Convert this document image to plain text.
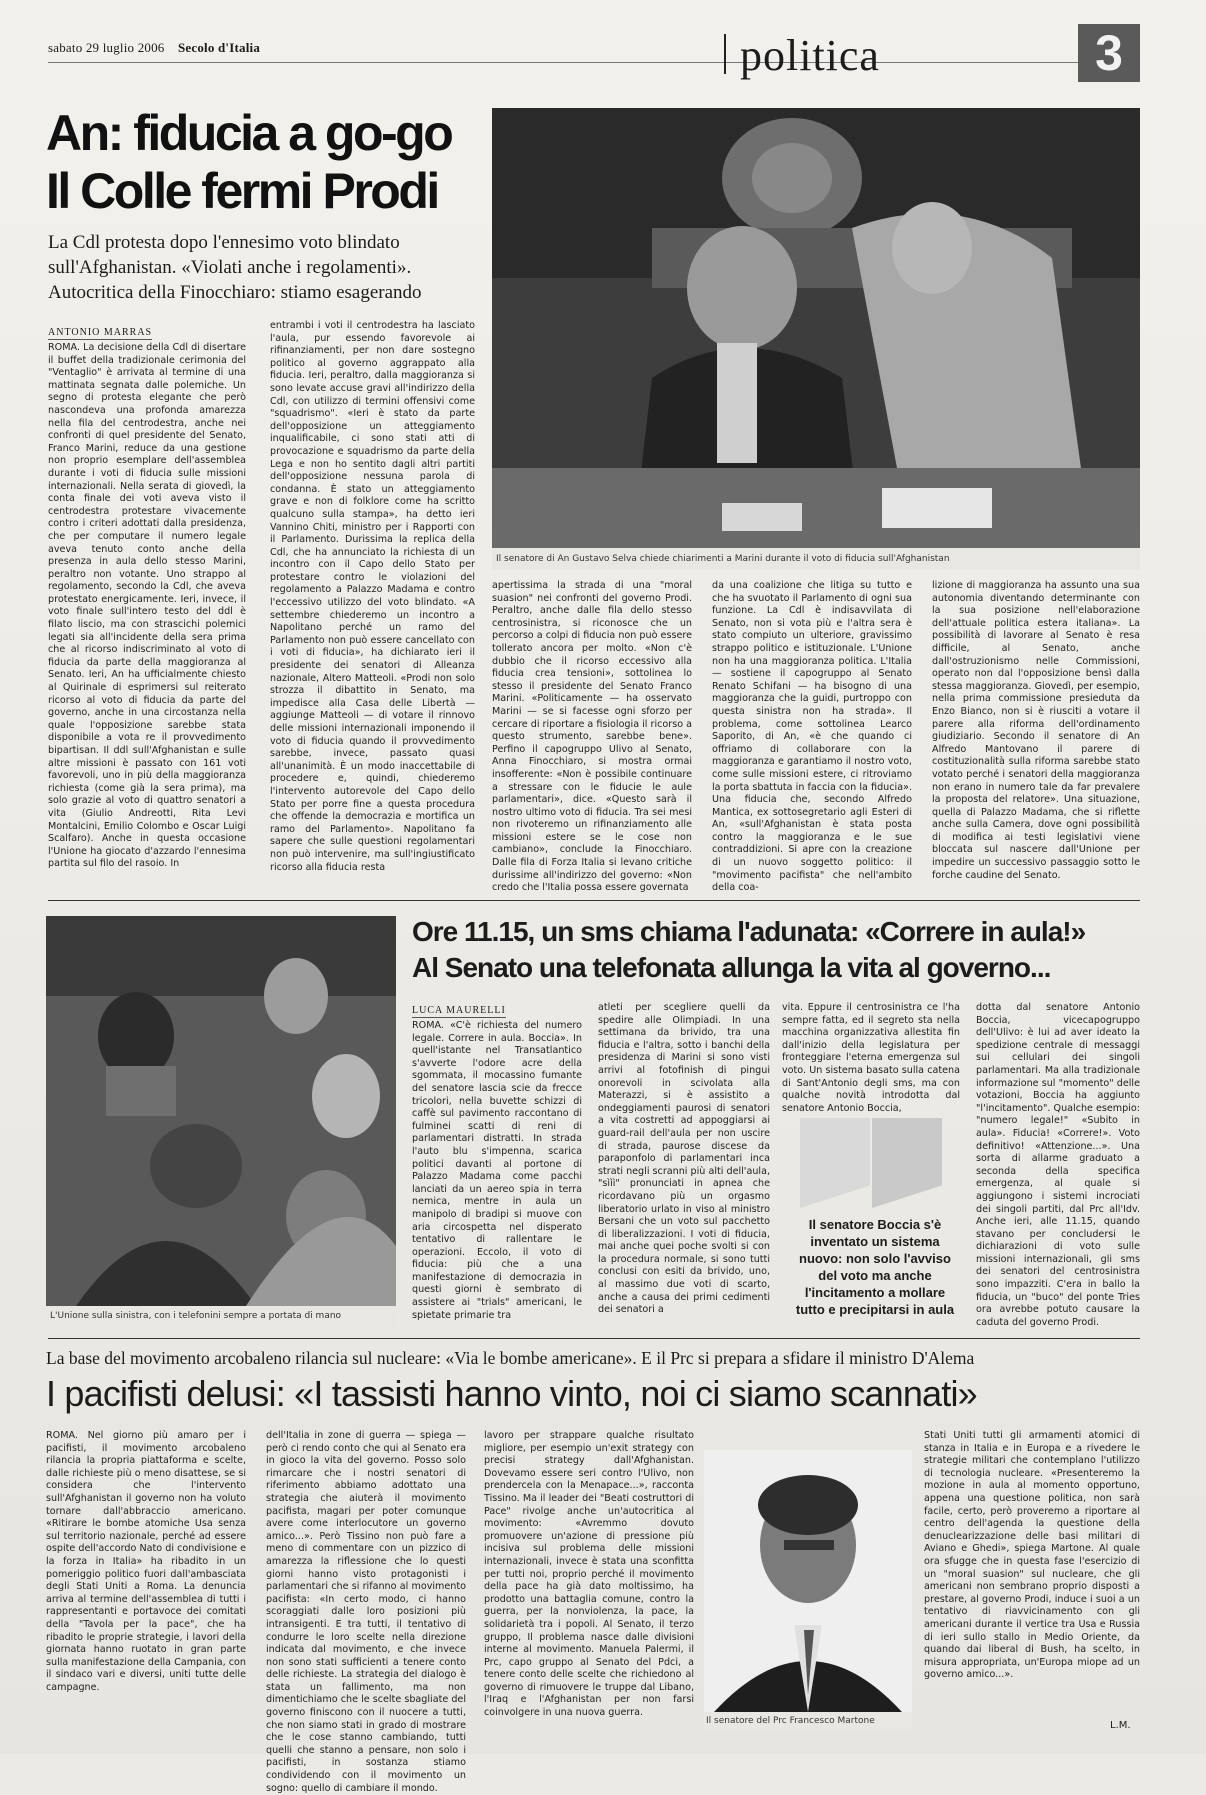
sabato 29 luglio 2006 Secolo d'Italia	politica	3
An: fiducia a go-go
Il Colle fermi Prodi
La Cdl protesta dopo l'ennesimo voto blindato
sull'Afghanistan. «Violati anche i regolamenti».
Autocritica della Finocchiaro: stiamo esagerando
ANTONIO MARRAS

ROMA. La decisione della Cdl di disertare il buffet della tradizionale cerimonia del "Ventaglio" è arrivata al termine di una mattinata segnata dalle polemiche. Un segno di protesta elegante che però nascondeva una profonda amarezza nella fila del centrodestra, anche nei confronti di quel presidente del Senato, Franco Marini, reduce da una gestione non proprio esemplare dell'assemblea durante i voti di fiducia sulle missioni internazionali. Nella serata di giovedì, la conta finale dei voti aveva visto il centrodestra protestare vivacemente contro i criteri adottati dalla presidenza, che per computare il numero legale aveva tenuto conto anche della presenza in aula dello stesso Marini, peraltro non votante. Uno strappo al regolamento, secondo la Cdl, che aveva protestato energicamente. Ieri, invece, il voto finale sull'intero testo del ddl è filato liscio, ma con strascichi polemici legati sia all'incidente della sera prima che al ricorso indiscriminato al voto di fiducia da parte della maggioranza al Senato. Ieri, An ha ufficialmente chiesto al Quirinale di esprimersi sul reiterato ricorso al voto di fiducia da parte del governo, anche in una circostanza nella quale l'opposizione sarebbe stata disponibile a vota re il provvedimento bipartisan. Il ddl sull'Afghanistan e sulle altre missioni è passato con 161 voti favorevoli, uno in più della maggioranza richiesta (come già la sera prima), ma solo grazie al voto di quattro senatori a vita (Giulio Andreotti, Rita Levi Montalcini, Emilio Colombo e Oscar Luigi Scalfaro). Anche in questa occasione l'Unione ha giocato d'azzardo l'ennesima partita sul filo del rasoio. In

entrambi i voti il centrodestra ha lasciato l'aula, pur essendo favorevole ai rifinanziamenti, per non dare sostegno politico al governo aggrappato alla fiducia. Ieri, peraltro, dalla maggioranza si sono levate accuse gravi all'indirizzo della Cdl, con utilizzo di termini offensivi come "squadrismo". «Ieri è stato da parte dell'opposizione un atteggiamento inqualificabile, ci sono stati atti di provocazione e squadrismo da parte della Lega e non ho sentito dagli altri partiti dell'opposizione nessuna parola di condanna. È stato un atteggiamento grave e non di folklore come ha scritto qualcuno sulla stampa», ha detto ieri Vannino Chiti, ministro per i Rapporti con il Parlamento. Durissima la replica della Cdl, che ha annunciato la richiesta di un incontro con il Capo dello Stato per protestare contro le violazioni del regolamento a Palazzo Madama e contro l'eccessivo utilizzo del voto blindato. «A settembre chiederemo un incontro a Napolitano perché un ramo del Parlamento non può essere cancellato con i voti di fiducia», ha dichiarato ieri il presidente dei senatori di Alleanza nazionale, Altero Matteoli. «Prodi non solo strozza il dibattito in Senato, ma impedisce alla Casa delle Libertà — aggiunge Matteoli — di votare il rinnovo delle missioni internazionali imponendo il voto di fiducia quando il provvedimento sarebbe, invece, passato quasi all'unanimità. È un modo inaccettabile di procedere e, quindi, chiederemo l'intervento autorevole del Capo dello Stato per porre fine a questa procedura che offende la democrazia e mortifica un ramo del Parlamento». Napolitano fa sapere che sulle questioni regolamentari non può intervenire, ma sull'ingiustificato ricorso alla fiducia resta

Il senatore di An Gustavo Selva chiede chiarimenti a Marini durante il voto di fiducia sull'Afghanistan

apertissima la strada di una "moral suasion" nei confronti del governo Prodi. Peraltro, anche dalle fila dello stesso centrosinistra, si riconosce che un percorso a colpi di fiducia non può essere tollerato ancora per molto. «Non c'è dubbio che il ricorso eccessivo alla fiducia crea tensioni», sottolinea lo stesso il presidente del Senato Franco Marini. «Politicamente — ha osservato Marini — se si facesse ogni sforzo per cercare di riportare a fisiologia il ricorso a questo strumento, sarebbe bene». Perfino il capogruppo Ulivo al Senato, Anna Finocchiaro, si mostra ormai insofferente: «Non è possibile continuare a stressare con le fiducie le aule parlamentari», dice. «Questo sarà il nostro ultimo voto di fiducia. Tra sei mesi non rivoteremo un rifinanziamento alle missioni estere se le cose non cambiano», conclude la Finocchiaro. Dalle fila di Forza Italia si levano critiche durissime all'indirizzo del governo: «Non credo che l'Italia possa essere governata

da una coalizione che litiga su tutto e che ha svuotato il Parlamento di ogni sua funzione. La Cdl è indisavvilata di Senato, non si vota più e l'altra sera è stato compiuto un ulteriore, gravissimo strappo politico e istituzionale. L'Unione non ha una maggioranza politica. L'Italia — sostiene il capogruppo al Senato Renato Schifani — ha bisogno di una maggioranza che la guidi, purtroppo con questa sinistra non ha strada». Il problema, come sottolinea Learco Saporito, di An, «è che quando ci offriamo di collaborare con la maggioranza e garantiamo il nostro voto, come sulle missioni estere, ci ritroviamo la porta sbattuta in faccia con la fiducia». Una fiducia che, secondo Alfredo Mantica, ex sottosegretario agli Esteri di An, «sull'Afghanistan è stata posta contro la maggioranza e le sue contraddizioni. Si apre con la creazione di un nuovo soggetto politico: il "movimento pacifista" che nell'ambito della coa-

lizione di maggioranza ha assunto una sua autonomia diventando determinante con la sua posizione nell'elaborazione dell'attuale politica estera italiana». La possibilità di lavorare al Senato è resa difficile, al Senato, anche dall'ostruzionismo nelle Commissioni, operato non dal l'opposizione bensì dalla stessa maggioranza. Giovedì, per esempio, nella prima commissione presieduta da Enzo Bianco, non si è riusciti a votare il parere alla riforma dell'ordinamento giudiziario. Secondo il senatore di An Alfredo Mantovano il parere di costituzionalità sulla riforma sarebbe stato votato perché i senatori della maggioranza non erano in numero tale da far prevalere la proposta del relatore». Una situazione, quella di Palazzo Madama, che si riflette anche sulla Camera, dove ogni possibilità di modifica ai testi legislativi viene bloccata sul nascere dall'Unione per impedire un successivo passaggio sotto le forche caudine del Senato.

L'Unione sulla sinistra, con i telefonini sempre a portata di mano
Ore 11.15, un sms chiama l'adunata: «Correre in aula!»
Al Senato una telefonata allunga la vita al governo...
LUCA MAURELLI

ROMA. «C'è richiesta del numero legale. Correre in aula. Boccia». In quell'istante nel Transatlantico s'avverte l'odore acre della sgommata, il mocassino fumante del senatore lascia scie da frecce tricolori, nella buvette schizzi di caffè sul pavimento raccontano di fulminei scatti di reni di parlamentari distratti. In strada l'auto blu s'impenna, scarica politici davanti al portone di Palazzo Madama come pacchi lanciati da un aereo spia in terra nemica, mentre in aula un manipolo di bradipi si muove con aria circospetta nel disperato tentativo di rallentare le operazioni. Eccolo, il voto di fiducia: più che a una manifestazione di democrazia in questi giorni è sembrato di assistere ai "trials" americani, le spietate primarie tra

atleti per scegliere quelli da spedire alle Olimpiadi. In una settimana da brivido, tra una fiducia e l'altra, sotto i banchi della presidenza di Marini si sono visti arrivi al fotofinish di pingui onorevoli in scivolata alla Materazzi, si è assistito a ondeggiamenti paurosi di senatori a vita costretti ad appoggiarsi ai guard-rail dell'aula per non uscire di strada, paurose discese da paraponfolo di parlamentari inca strati negli scranni più alti dell'aula, "sììì" pronunciati in apnea che ricordavano più un orgasmo liberatorio urlato in viso al ministro Bersani che un voto sul pacchetto di liberalizzazioni. I voti di fiducia, mai anche quei poche svolti si con la procedura normale, si sono tutti conclusi con esiti da brivido, uno, al massimo due voti di scarto, anche a causa dei primi cedimenti dei senatori a

vita. Eppure il centrosinistra ce l'ha sempre fatta, ed il segreto sta nella macchina organizzativa allestita fin dall'inizio della legislatura per fronteggiare l'eterna emergenza sul voto. Un sistema basato sulla catena di Sant'Antonio degli sms, ma con qualche novità introdotta dal senatore Antonio Boccia,

Il senatore Boccia s'è inventato un sistema nuovo: non solo l'avviso del voto ma anche l'incitamento a mollare tutto e precipitarsi in aula

dotta dal senatore Antonio Boccia, vicecapogruppo dell'Ulivo: è lui ad aver ideato la spedizione centrale di messaggi sui cellulari dei singoli parlamentari. Ma alla tradizionale informazione sul "momento" delle votazioni, Boccia ha aggiunto "l'incitamento". Qualche esempio: "numero legale!" «Subito in aula». Fiducia! «Correre!». Voto definitivo! «Attenzione...». Una sorta di allarme graduato a seconda della specifica emergenza, al quale si aggiungono i sistemi incrociati dei singoli partiti, dal Prc all'Idv. Anche ieri, alle 11.15, quando stavano per concludersi le dichiarazioni di voto sulle missioni internazionali, gli sms dei senatori del centrosinistra sono impazziti. C'era in ballo la fiducia, un "buco" del ponte Tries ora avrebbe potuto causare la caduta del governo Prodi.

La base del movimento arcobaleno rilancia sul nucleare: «Via le bombe americane». E il Prc si prepara a sfidare il ministro D'Alema
I pacifisti delusi: «I tassisti hanno vinto, noi ci siamo scannati»

ROMA. Nel giorno più amaro per i pacifisti, il movimento arcobaleno rilancia la propria piattaforma e scelte, dalle richieste più o meno disattese, se si considera che l'intervento sull'Afghanistan il governo non ha voluto tornare dall'abbraccio americano. «Ritirare le bombe atomiche Usa senza sul territorio nazionale, perché ad essere ospite dell'accordo Nato di condivisione e la forza in Italia» ha ribadito in un pomeriggio politico fuori dall'ambasciata degli Stati Uniti a Roma. La denuncia arriva al termine dell'assemblea di tutti i rappresentanti e portavoce dei comitati della "Tavola per la pace", che ha ribadito le proprie strategie, i lavori della giornata hanno ruotato in gran parte sulla manifestazione della Campania, con il sindaco vari e diversi, uniti tutte delle campagne.

dell'Italia in zone di guerra — spiega — però ci rendo conto che qui al Senato era in gioco la vita del governo. Posso solo rimarcare che i nostri senatori di riferimento abbiamo adottato una strategia che aiuterà il movimento pacifista, magari per poter comunque avere come interlocutore un governo amico...». Però Tissino non può fare a meno di commentare con un pizzico di amarezza la riflessione che lo questi giorni hanno visto protagonisti i parlamentari che si rifanno al movimento pacifista: «In certo modo, ci hanno scoraggiati dalle loro posizioni più intransigenti. E tra tutti, il tentativo di condurre le loro scelte nella direzione indicata dal movimento, e che invece non sono stati sufficienti a tenere conto delle richieste. La strategia del dialogo è stata un fallimento, ma non dimentichiamo che le scelte sbagliate del governo finiscono con il nuocere a tutti, che non siamo stati in grado di mostrare che le cose stanno cambiando, tutti quelli che stanno a pensare, non solo i pacifisti, in sostanza stiamo condividendo con il movimento un sogno: quello di cambiare il mondo.

lavoro per strappare qualche risultato migliore, per esempio un'exit strategy con precisi strategy dall'Afghanistan. Dovevamo essere seri contro l'Ulivo, non prendercela con la Menapace...», racconta Tissino. Ma il leader dei "Beati costruttori di Pace" rivolge anche un'autocritica al movimento: «Avremmo dovuto promuovere un'azione di pressione più incisiva sul problema delle missioni internazionali, invece è stata una sconfitta per tutti noi, proprio perché il movimento della pace ha già dato moltissimo, ha prodotto una battaglia comune, contro la guerra, per la nonviolenza, la pace, la solidarietà tra i popoli. Al Senato, il terzo gruppo, Il problema nasce dalle divisioni interne al movimento. Manuela Palermi, il Prc, capo gruppo al Senato del Pdci, a tenere conto delle scelte che richiedono al governo di rimuovere le truppe dal Libano, l'Iraq e l'Afghanistan per non farsi coinvolgere in una nuova guerra.

Il senatore del Prc Francesco Martone

Stati Uniti tutti gli armamenti atomici di stanza in Italia e in Europa e a rivedere le strategie militari che contemplano l'utilizzo di tecnologia nucleare. «Presenteremo la mozione in aula al momento opportuno, appena una questione politica, non sarà facile, certo, però proveremo a riportare al centro dell'agenda la questione della denuclearizzazione delle basi militari di Aviano e Ghedi», spiega Martone. Al quale ora sfugge che in questa fase l'esercizio di un "moral suasion" sul nucleare, che gli americani non sembrano proprio disposti a prestare, al governo Prodi, induce i suoi a un tentativo di riavvicinamento con gli americani durante il vertice tra Usa e Russia di ieri sullo stallo in Medio Oriente, da quando dai liberal di Bush, ha scelto, in misura appropriata, un'Europa miope ad un governo amico...».

L.M.
